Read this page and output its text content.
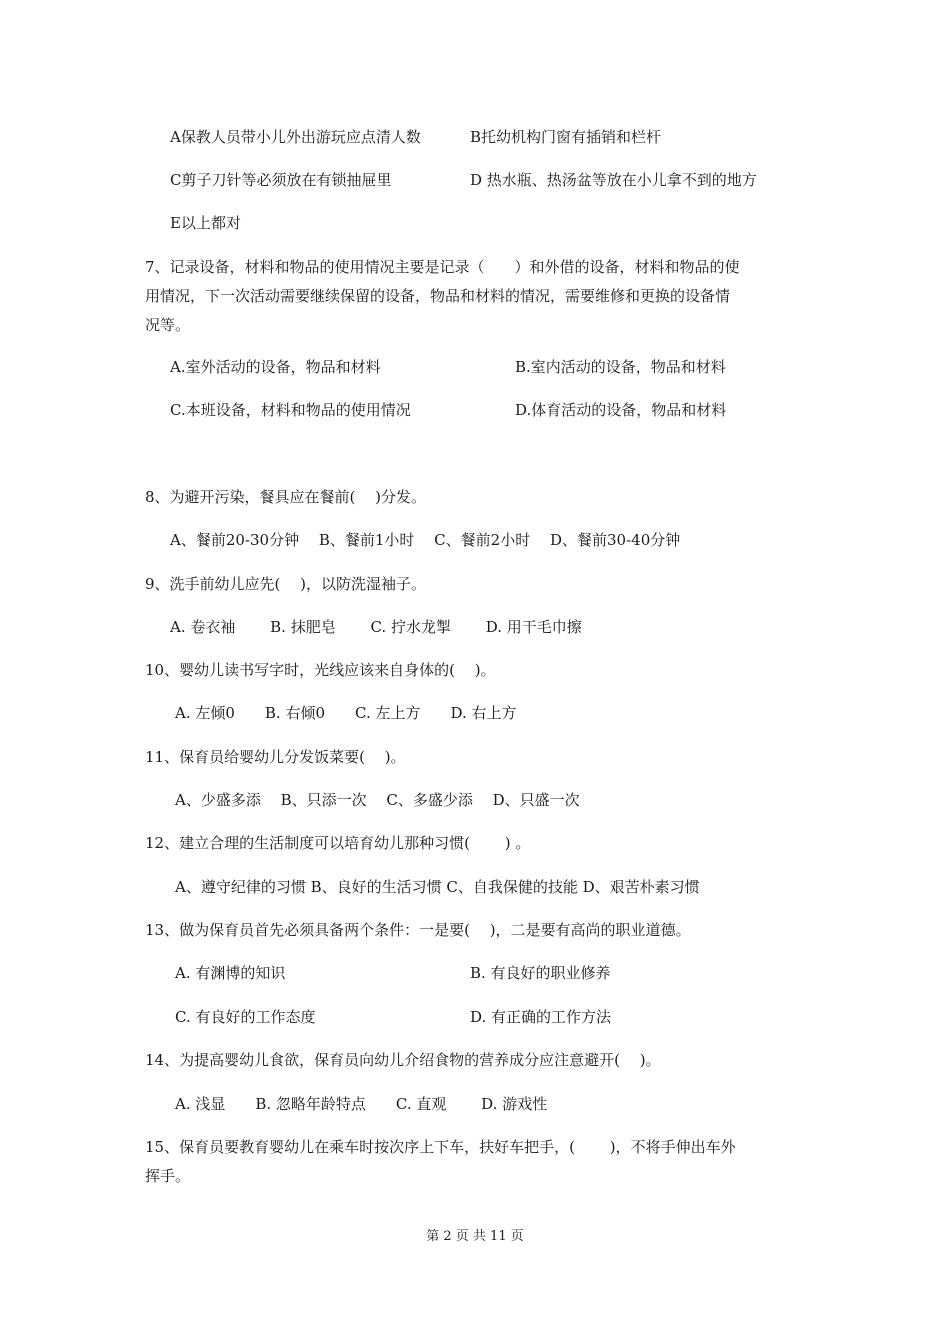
A保教人员带小儿外出游玩应点清人数	B托幼机构门窗有插销和栏杆
C剪子刀针等必须放在有锁抽屉里	D 热水瓶、热汤盆等放在小儿拿不到的地方
E以上都对
7、记录设备，材料和物品的使用情况主要是记录（　　）和外借的设备，材料和物品的使
用情况，下一次活动需要继续保留的设备，物品和材料的情况，需要维修和更换的设备情
况等。
A.室外活动的设备，物品和材料	B.室内活动的设备，物品和材料
C.本班设备，材料和物品的使用情况	D.体育活动的设备，物品和材料
8、为避开污染，餐具应在餐前(　 )分发。
A、餐前20-30分钟　 B、餐前1小时　 C、餐前2小时　 D、餐前30-40分钟
9、洗手前幼儿应先(　 )，以防洗湿袖子。
A. 卷衣袖　　 B. 抹肥皂　　 C. 拧水龙掣　　 D. 用干毛巾擦
10、婴幼儿读书写字时，光线应该来自身体的(　 )。
A. 左倾0　　B. 右倾0　　C. 左上方　　D. 右上方
11、保育员给婴幼儿分发饭菜要(　 )。
A、少盛多添　 B、只添一次　 C、多盛少添　 D、只盛一次
12、建立合理的生活制度可以培育幼儿那种习惯(　　 ) 。
A、遵守纪律的习惯 B、良好的生活习惯 C、自我保健的技能 D、艰苦朴素习惯
13、做为保育员首先必须具备两个条件：一是要(　 )，二是要有高尚的职业道德。
A. 有渊博的知识	B. 有良好的职业修养
C. 有良好的工作态度	D. 有正确的工作方法
14、为提高婴幼儿食欲，保育员向幼儿介绍食物的营养成分应注意避开(　 )。
A. 浅显　　B. 忽略年龄特点　　C. 直观　　 D. 游戏性
15、保育员要教育婴幼儿在乘车时按次序上下车，扶好车把手，(　　 )，不将手伸出车外
挥手。
第 2 页 共 11 页
